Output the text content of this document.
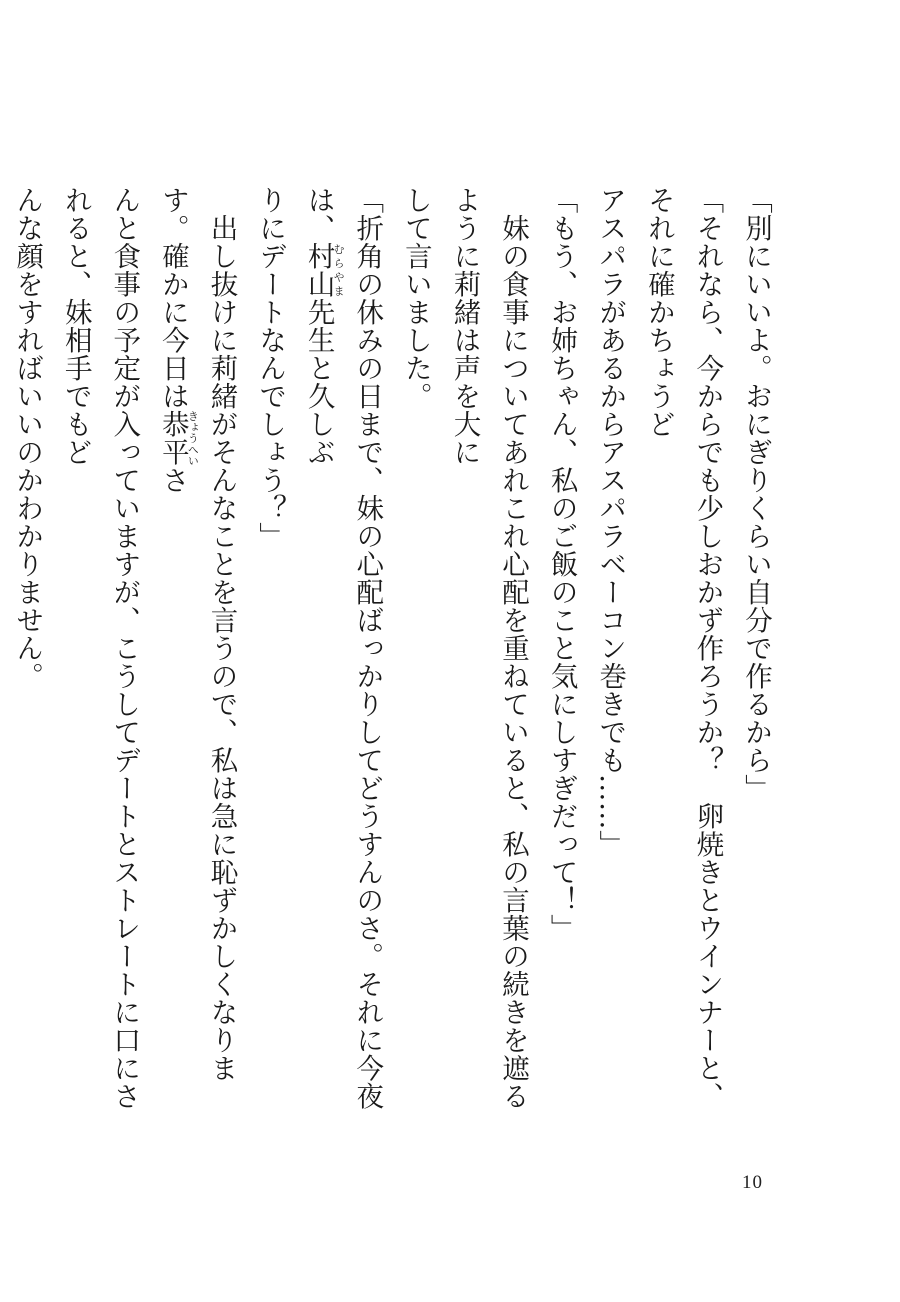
「別にいいよ。おにぎりくらい自分で作るから」

「それなら、今からでも少しおかず作ろうか？　卵焼きとウインナーと、それに確かちょうど

アスパラがあるからアスパラベーコン巻きでも……」

「もう、お姉ちゃん、私のご飯のこと気にしすぎだって！」

　妹の食事についてあれこれ心配を重ねていると、私の言葉の続きを遮るように莉緒は声を大に

して言いました。

「折角の休みの日まで、妹の心配ばっかりしてどうすんのさ。それに今夜は、村山むらやま先生と久しぶ

りにデートなんでしょう？」

　出し抜けに莉緒がそんなことを言うので、私は急に恥ずかしくなります。確かに今日は恭平きょうへいさ

んと食事の予定が入っていますが、こうしてデートとストレートに口にされると、妹相手でもど

んな顔をすればいいのかわかりません。

10
